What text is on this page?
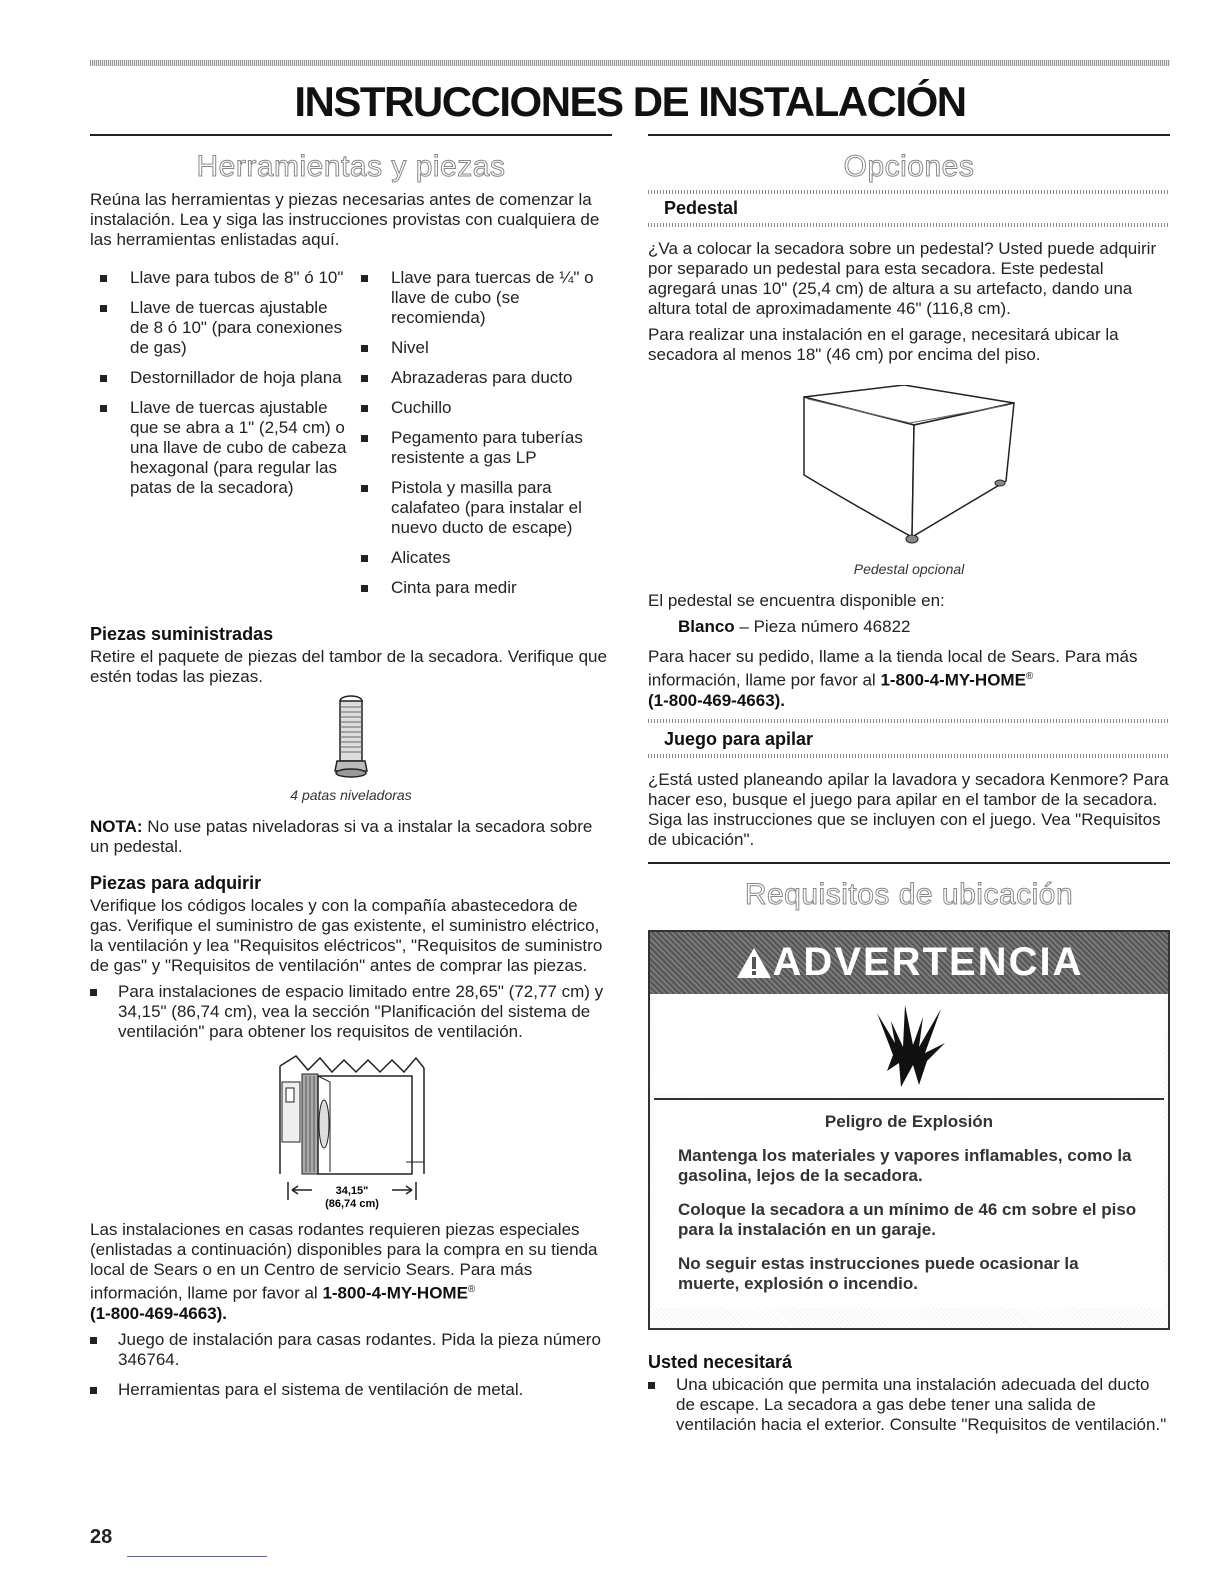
INSTRUCCIONES DE INSTALACIÓN
Herramientas y piezas

Reúna las herramientas y piezas necesarias antes de comenzar la instalación. Lea y siga las instrucciones provistas con cualquiera de las herramientas enlistadas aquí.

Llave para tubos de 8" ó 10"
Llave de tuercas ajustable de 8 ó 10" (para conexiones de gas)
Destornillador de hoja plana
Llave de tuercas ajustable que se abra a 1" (2,54 cm) o una llave de cubo de cabeza hexagonal (para regular las patas de la secadora)
Llave para tuercas de ¼" o llave de cubo (se recomienda)
Nivel
Abrazaderas para ducto
Cuchillo
Pegamento para tuberías resistente a gas LP
Pistola y masilla para calafateo (para instalar el nuevo ducto de escape)
Alicates
Cinta para medir
Piezas suministradas

Retire el paquete de piezas del tambor de la secadora. Verifique que estén todas las piezas.

4 patas niveladoras

NOTA: No use patas niveladoras si va a instalar la secadora sobre un pedestal.

Piezas para adquirir

Verifique los códigos locales y con la compañía abastecedora de gas. Verifique el suministro de gas existente, el suministro eléctrico, la ventilación y lea "Requisitos eléctricos", "Requisitos de suministro de gas" y "Requisitos de ventilación" antes de comprar las piezas.

Para instalaciones de espacio limitado entre 28,65" (72,77 cm) y 34,15" (86,74 cm), vea la sección "Planificación del sistema de ventilación" para obtener los requisitos de ventilación.
34,15"
(86,74 cm)

Las instalaciones en casas rodantes requieren piezas especiales (enlistadas a continuación) disponibles para la compra en su tienda local de Sears o en un Centro de servicio Sears. Para más información, llame por favor al 1-800-4-MY-HOME®
(1-800-469-4663).

Juego de instalación para casas rodantes. Pida la pieza número 346764.
Herramientas para el sistema de ventilación de metal.
Opciones
Pedestal

¿Va a colocar la secadora sobre un pedestal? Usted puede adquirir por separado un pedestal para esta secadora. Este pedestal agregará unas 10" (25,4 cm) de altura a su artefacto, dando una altura total de aproximadamente 46" (116,8 cm).

Para realizar una instalación en el garage, necesitará ubicar la secadora al menos 18" (46 cm) por encima del piso.

Pedestal opcional

El pedestal se encuentra disponible en:

Blanco – Pieza número 46822

Para hacer su pedido, llame a la tienda local de Sears. Para más información, llame por favor al 1-800-4-MY-HOME®
(1-800-469-4663).

Juego para apilar

¿Está usted planeando apilar la lavadora y secadora Kenmore? Para hacer eso, busque el juego para apilar en el tambor de la secadora. Siga las instrucciones que se incluyen con el juego. Vea "Requisitos de ubicación".

Requisitos de ubicación
ADVERTENCIA

Peligro de Explosión

Mantenga los materiales y vapores inflamables, como la gasolina, lejos de la secadora.

Coloque la secadora a un mínimo de 46 cm sobre el piso para la instalación en un garaje.

No seguir estas instrucciones puede ocasionar la muerte, explosión o incendio.

Usted necesitará
Una ubicación que permita una instalación adecuada del ducto de escape. La secadora a gas debe tener una salida de ventilación hacia el exterior. Consulte "Requisitos de ventilación."
28
